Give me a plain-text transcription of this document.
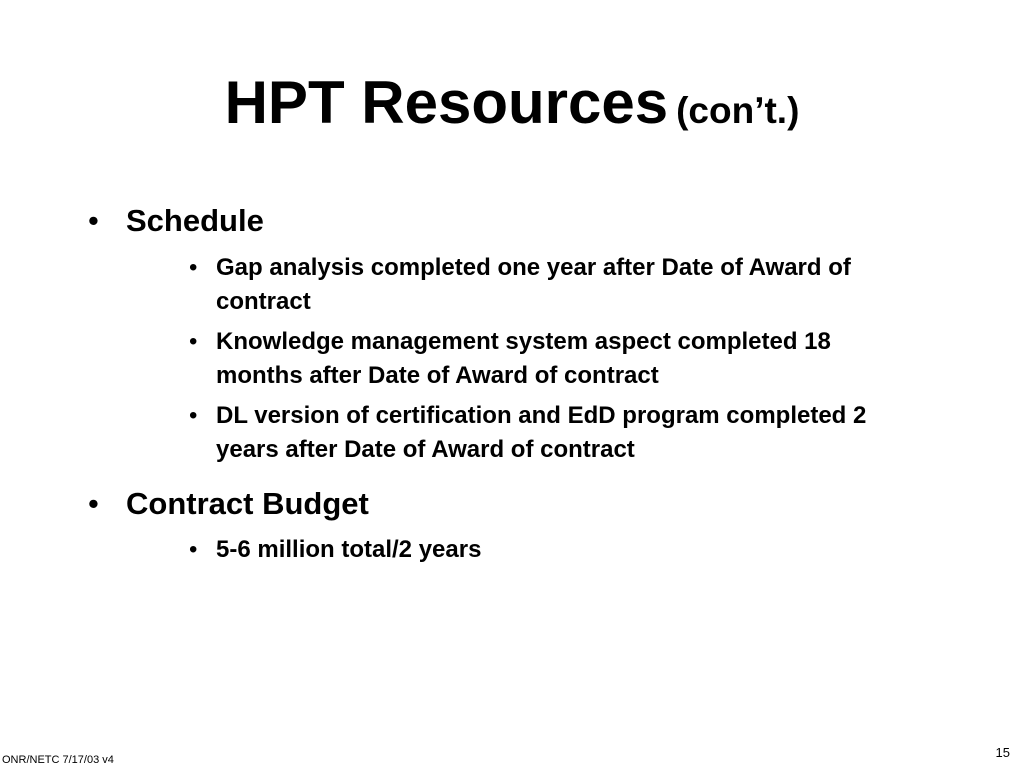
HPT Resources (con’t.)
• Schedule
• Gap analysis completed one year after Date of Award of contract
• Knowledge management system aspect completed 18 months after Date of Award of contract
• DL version of certification and EdD program completed 2 years after Date of Award of contract
• Contract Budget
• 5-6 million total/2 years
ONR/NETC 7/17/03 v4	15
